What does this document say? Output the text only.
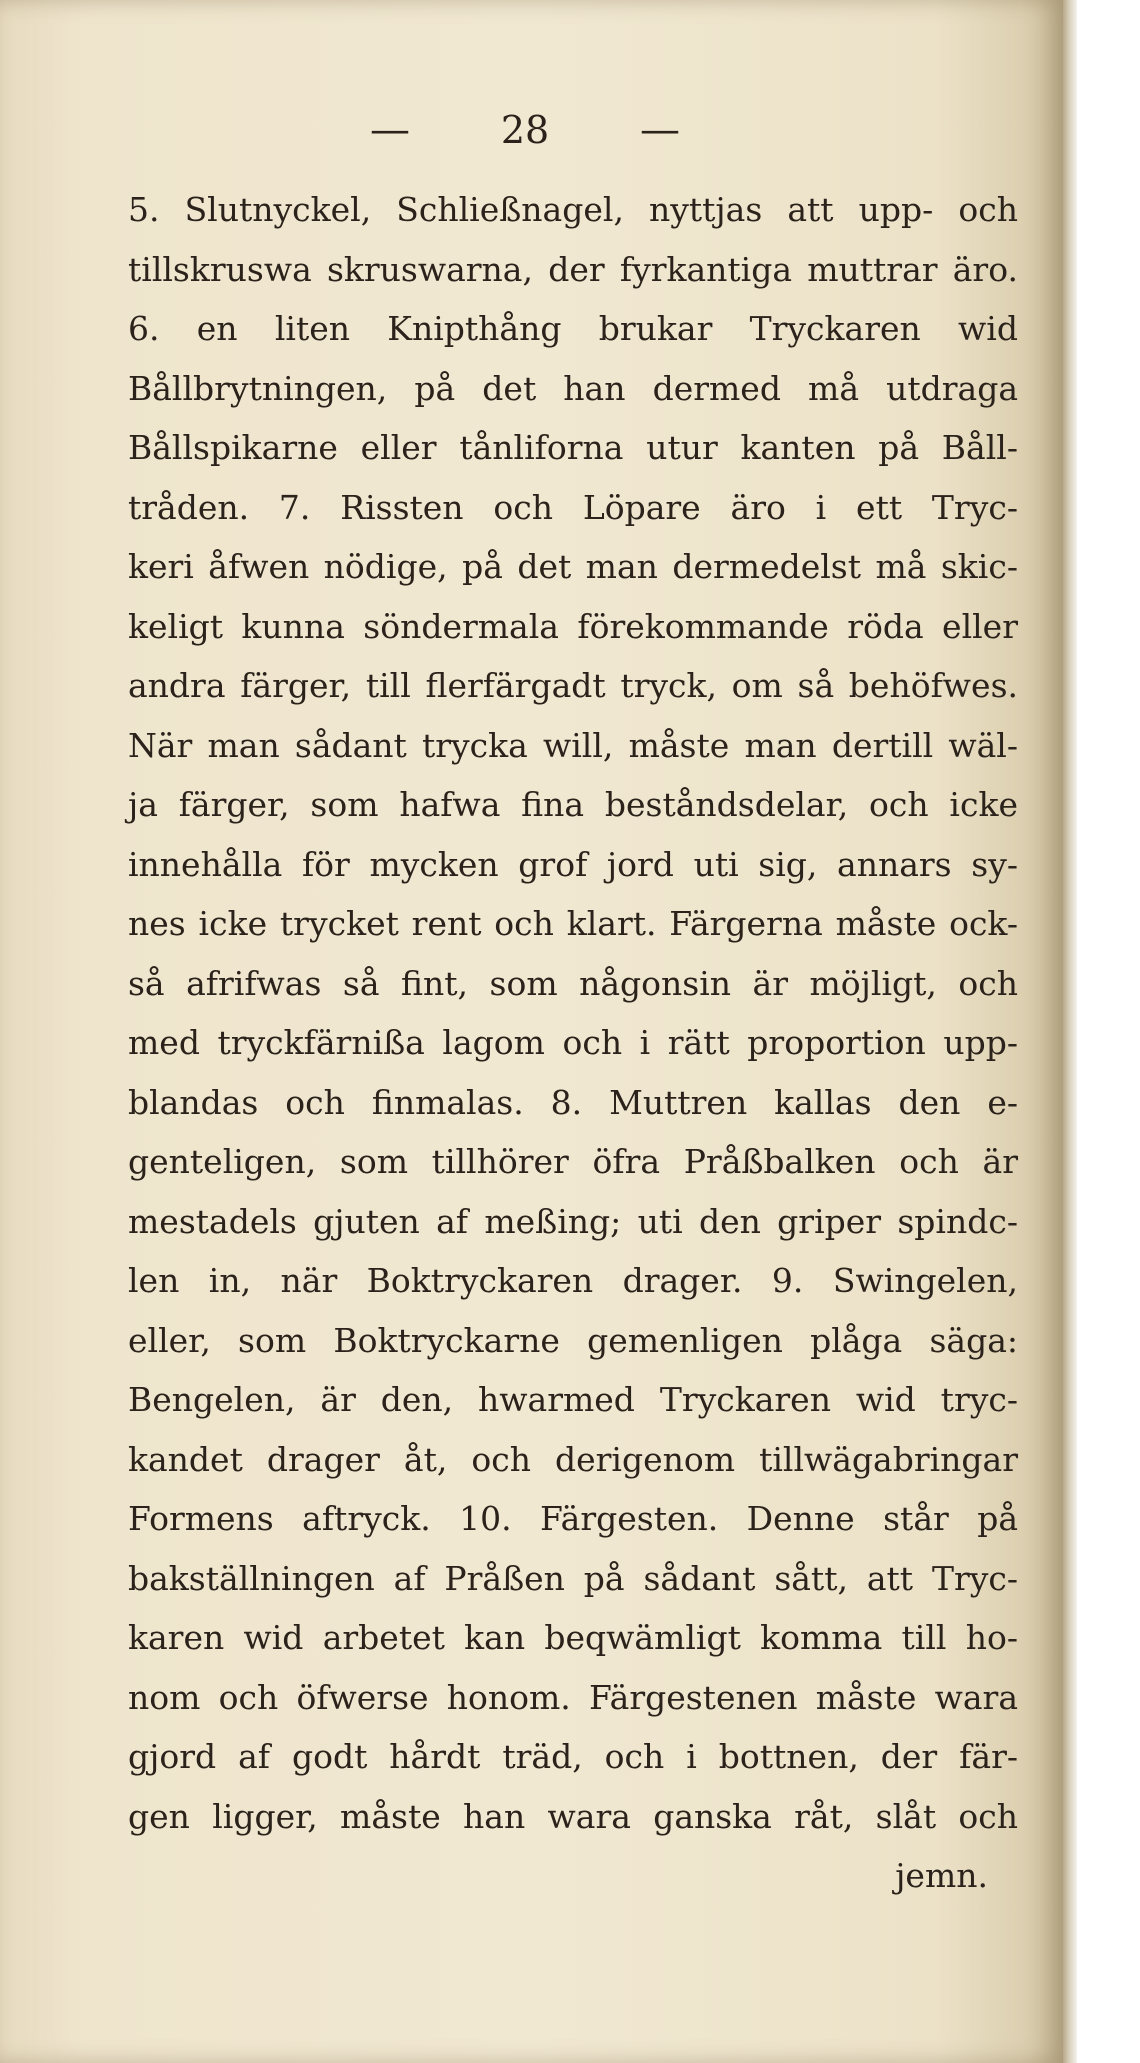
— 28 —
5. Slutnyckel, Schließnagel, nyttjas att upp- och
tillskruswa skruswarna, der fyrkantiga muttrar äro.
6. en liten Knipthång brukar Tryckaren wid
Bållbrytningen, på det han dermed må utdraga
Bållspikarne eller tånliforna utur kanten på Båll-
tråden. 7. Rissten och Löpare äro i ett Tryc-
keri åfwen nödige, på det man dermedelst må skic-
keligt kunna söndermala förekommande röda eller
andra färger, till flerfärgadt tryck, om så behöfwes.
När man sådant trycka will, måste man dertill wäl-
ja färger, som hafwa fina beståndsdelar, och icke
innehålla för mycken grof jord uti sig, annars sy-
nes icke trycket rent och klart. Färgerna måste ock-
så afrifwas så fint, som någonsin är möjligt, och
med tryckfärnißa lagom och i rätt proportion upp-
blandas och finmalas. 8. Muttren kallas den e-
genteligen, som tillhörer öfra Pråßbalken och är
mestadels gjuten af meßing; uti den griper spindc-
len in, när Boktryckaren drager. 9. Swingelen,
eller, som Boktryckarne gemenligen plåga säga:
Bengelen, är den, hwarmed Tryckaren wid tryc-
kandet drager åt, och derigenom tillwägabringar
Formens aftryck. 10. Färgesten. Denne står på
bakställningen af Pråßen på sådant sått, att Tryc-
karen wid arbetet kan beqwämligt komma till ho-
nom och öfwerse honom. Färgestenen måste wara
gjord af godt hårdt träd, och i bottnen, der fär-
gen ligger, måste han wara ganska råt, slåt och
jemn.
